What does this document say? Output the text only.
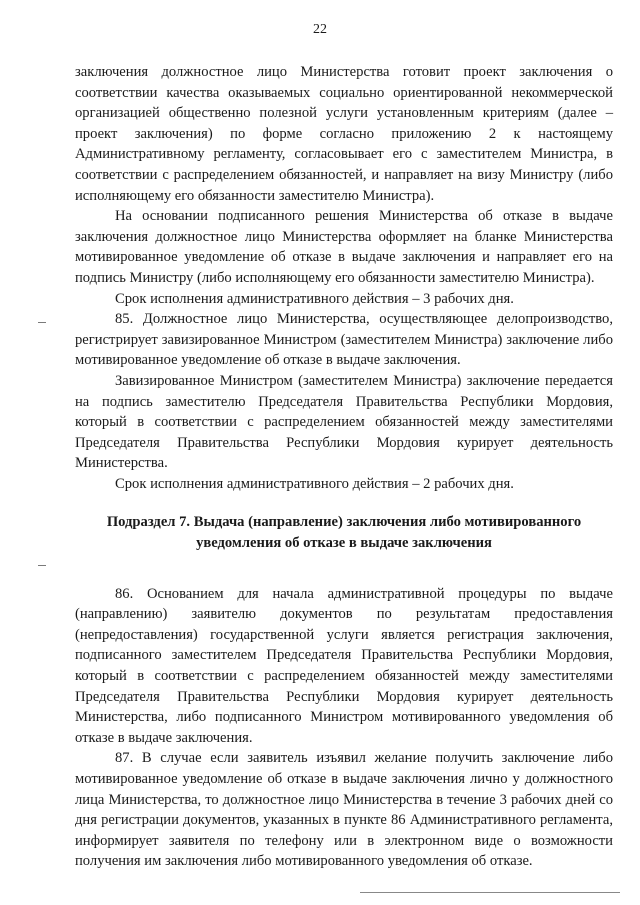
22

заключения должностное лицо Министерства готовит проект заключения о соответствии качества оказываемых социально ориентированной некоммерческой организацией общественно полезной услуги установленным критериям (далее – проект заключения) по форме согласно приложению 2 к настоящему Административному регламенту, согласовывает его с заместителем Министра, в соответствии с распределением обязанностей, и направляет на визу Министру (либо исполняющему его обязанности заместителю Министра).

На основании подписанного решения Министерства об отказе в выдаче заключения должностное лицо Министерства оформляет на бланке Министерства мотивированное уведомление об отказе в выдаче заключения и направляет его на подпись Министру (либо исполняющему его обязанности заместителю Министра).

Срок исполнения административного действия – 3 рабочих дня.

85. Должностное лицо Министерства, осуществляющее делопроизводство, регистрирует завизированное Министром (заместителем Министра) заключение либо мотивированное уведомление об отказе в выдаче заключения.

Завизированное Министром (заместителем Министра) заключение передается на подпись заместителю Председателя Правительства Республики Мордовия, который в соответствии с распределением обязанностей между заместителями Председателя Правительства Республики Мордовия курирует деятельность Министерства.

Срок исполнения административного действия – 2 рабочих дня.

Подраздел 7. Выдача (направление) заключения либо мотивированного уведомления об отказе в выдаче заключения

86. Основанием для начала административной процедуры по выдаче (направлению) заявителю документов по результатам предоставления (непредоставления) государственной услуги является регистрация заключения, подписанного заместителем Председателя Правительства Республики Мордовия, который в соответствии с распределением обязанностей между заместителями Председателя Правительства Республики Мордовия курирует деятельность Министерства, либо подписанного Министром мотивированного уведомления об отказе в выдаче заключения.

87. В случае если заявитель изъявил желание получить заключение либо мотивированное уведомление об отказе в выдаче заключения лично у должностного лица Министерства, то должностное лицо Министерства в течение 3 рабочих дней со дня регистрации документов, указанных в пункте 86 Административного регламента, информирует заявителя по телефону или в электронном виде о возможности получения им заключения либо мотивированного уведомления об отказе.
